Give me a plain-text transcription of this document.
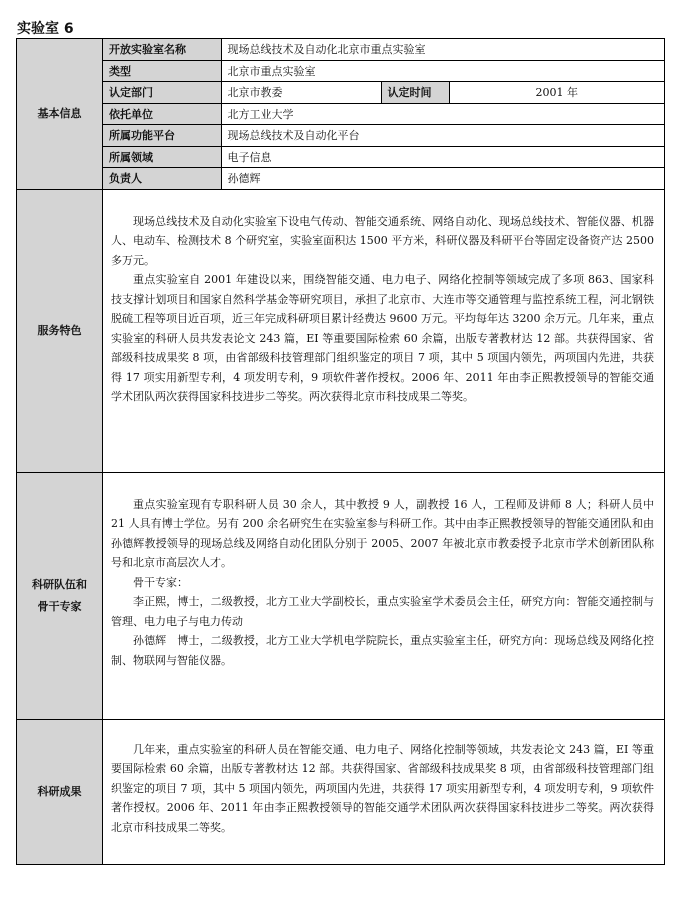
实验室 6
基本信息	
开放实验室名称	现场总线技术及自动化北京市重点实验室
类型	北京市重点实验室
认定部门	北京市教委	认定时间	2001 年
依托单位	北方工业大学
所属功能平台	现场总线技术及自动化平台
所属领域	电子信息
负责人	孙德辉

服务特色	

现场总线技术及自动化实验室下设电气传动、智能交通系统、网络自动化、现场总线技术、智能仪器、机器人、电动车、检测技术 8 个研究室，实验室面积达 1500 平方米，科研仪器及科研平台等固定设备资产达 2500 多万元。

重点实验室自 2001 年建设以来，围绕智能交通、电力电子、网络化控制等领域完成了多项 863、国家科技支撑计划项目和国家自然科学基金等研究项目，承担了北京市、大连市等交通管理与监控系统工程，河北钢铁脱硫工程等项目近百项，近三年完成科研项目累计经费达 9600 万元。平均每年达 3200 余万元。几年来，重点实验室的科研人员共发表论文 243 篇，EI 等重要国际检索 60 余篇，出版专著教材达 12 部。共获得国家、省部级科技成果奖 8 项，由省部级科技管理部门组织鉴定的项目 7 项，其中 5 项国内领先，两项国内先进，共获得 17 项实用新型专利，4 项发明专利，9 项软件著作授权。2006 年、2011 年由李正熙教授领导的智能交通学术团队两次获得国家科技进步二等奖。两次获得北京市科技成果二等奖。

科研队伍和
骨干专家

重点实验室现有专职科研人员 30 余人，其中教授 9 人，副教授 16 人，工程师及讲师 8 人；科研人员中 21 人具有博士学位。另有 200 余名研究生在实验室参与科研工作。其中由李正熙教授领导的智能交通团队和由孙德辉教授领导的现场总线及网络自动化团队分别于 2005、2007 年被北京市教委授予北京市学术创新团队称号和北京市高层次人才。

骨干专家：

李正熙，博士，二级教授，北方工业大学副校长，重点实验室学术委员会主任，研究方向：智能交通控制与管理、电力电子与电力传动

孙德辉　博士，二级教授，北方工业大学机电学院院长，重点实验室主任，研究方向：现场总线及网络化控制、物联网与智能仪器。

科研成果	

几年来，重点实验室的科研人员在智能交通、电力电子、网络化控制等领域，共发表论文 243 篇，EI 等重要国际检索 60 余篇，出版专著教材达 12 部。共获得国家、省部级科技成果奖 8 项，由省部级科技管理部门组织鉴定的项目 7 项，其中 5 项国内领先，两项国内先进，共获得 17 项实用新型专利，4 项发明专利，9 项软件著作授权。2006 年、2011 年由李正熙教授领导的智能交通学术团队两次获得国家科技进步二等奖。两次获得北京市科技成果二等奖。
